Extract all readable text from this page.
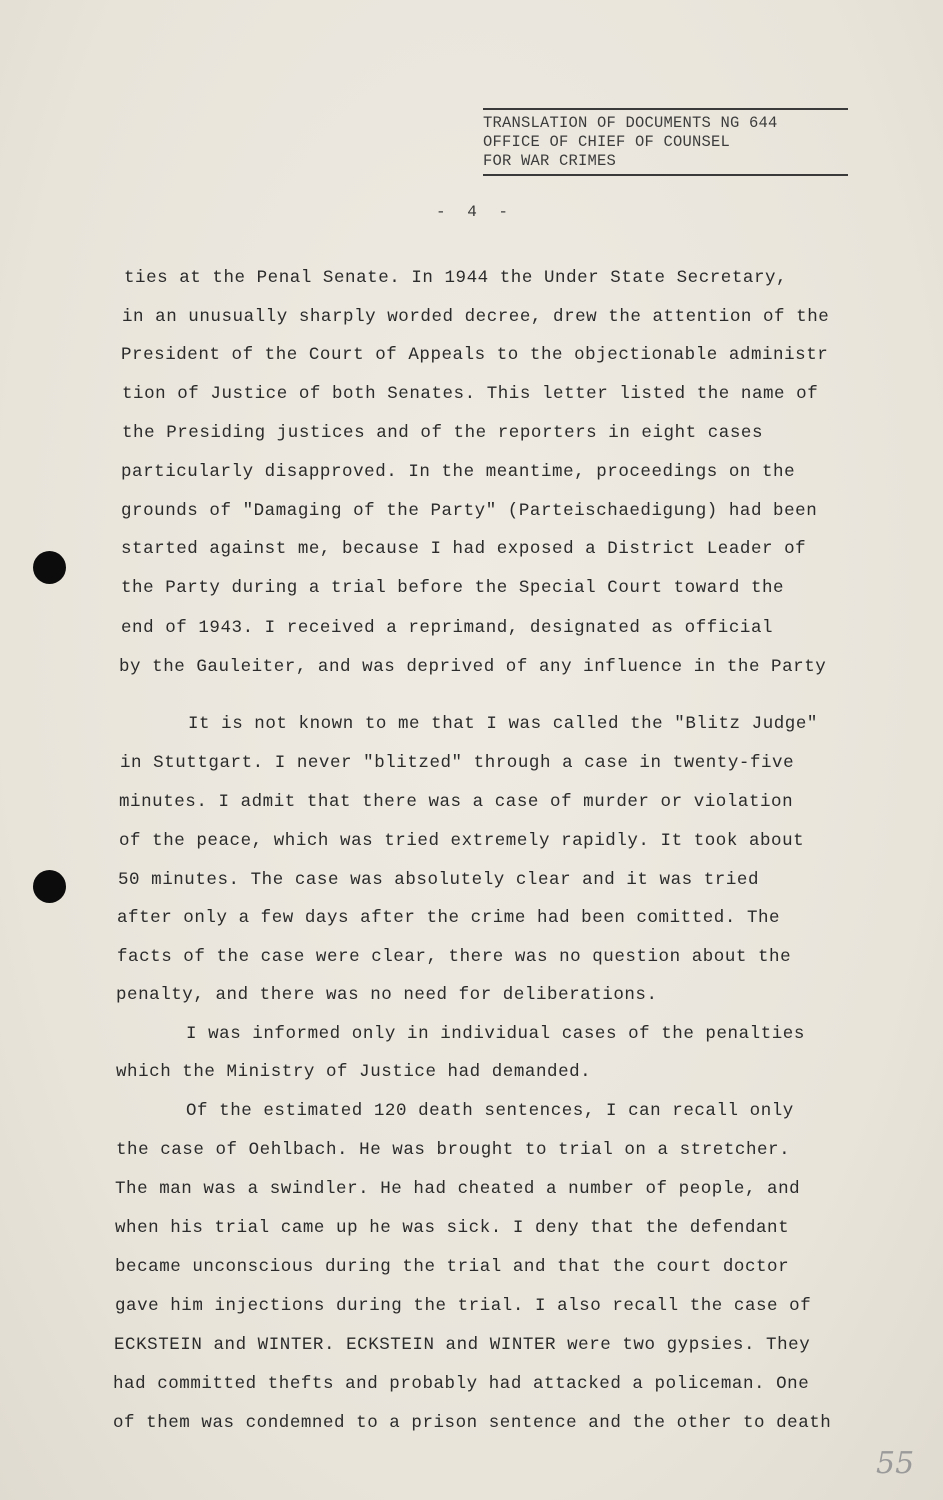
TRANSLATION OF DOCUMENTS NG 644
OFFICE OF CHIEF OF COUNSEL
FOR WAR CRIMES
- 4 -
ties at the Penal Senate. In 1944 the Under State Secretary,
in an unusually sharply worded decree, drew the attention of the
President of the Court of Appeals to the objectionable administr
tion of Justice of both Senates. This letter listed the name of
the Presiding justices and of the reporters in eight cases
particularly disapproved. In the meantime, proceedings on the
grounds of "Damaging of the Party" (Parteischaedigung) had been
started against me, because I had exposed a District Leader of
the Party during a trial before the Special Court toward the
end of 1943. I received a reprimand, designated as official
by the Gauleiter, and was deprived of any influence in the Party
It is not known to me that I was called the "Blitz Judge"
in Stuttgart. I never "blitzed" through a case in twenty-five
minutes. I admit that there was a case of murder or violation
of the peace, which was tried extremely rapidly. It took about
50 minutes. The case was absolutely clear and it was tried
after only a few days after the crime had been comitted. The
facts of the case were clear, there was no question about the
penalty, and there was no need for deliberations.
I was informed only in individual cases of the penalties
which the Ministry of Justice had demanded.
Of the estimated 120 death sentences, I can recall only
the case of Oehlbach. He was brought to trial on a stretcher.
The man was a swindler. He had cheated a number of people, and
when his trial came up he was sick. I deny that the defendant
became unconscious during the trial and that the court doctor
gave him injections during the trial. I also recall the case of
ECKSTEIN and WINTER. ECKSTEIN and WINTER were two gypsies. They
had committed thefts and probably had attacked a policeman. One
of them was condemned to a prison sentence and the other to death
55
